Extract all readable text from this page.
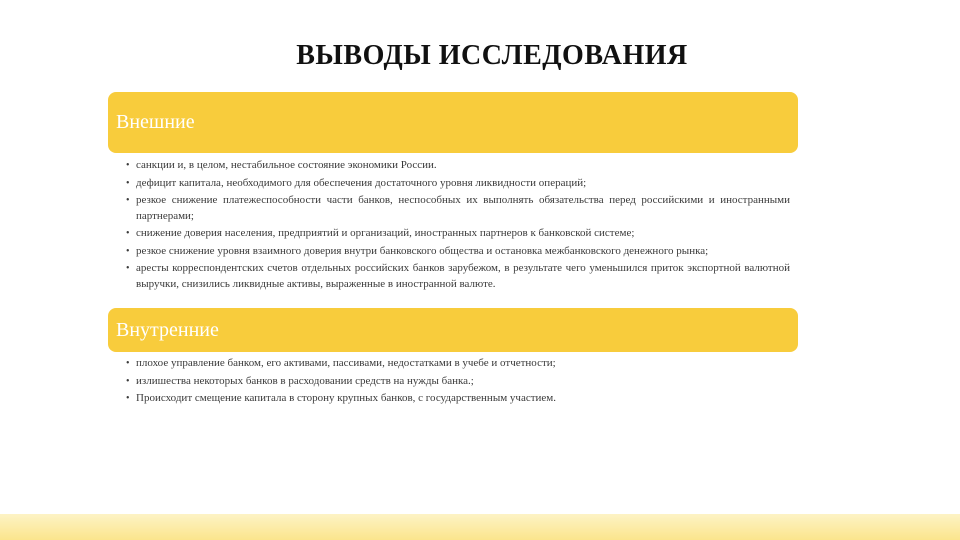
ВЫВОДЫ ИССЛЕДОВАНИЯ
Внешние
• санкции и, в целом, нестабильное состояние экономики России.
• дефицит капитала, необходимого для обеспечения достаточного уровня ликвидности операций;
• резкое снижение платежеспособности части банков, неспособных их выполнять обязательства перед российскими и иностранными партнерами;
• снижение доверия населения, предприятий и организаций, иностранных партнеров к банковской системе;
• резкое снижение уровня взаимного доверия внутри банковского общества и остановка межбанковского денежного рынка;
• аресты корреспондентских счетов отдельных российских банков зарубежом, в результате чего уменьшился приток экспортной валютной выручки, снизились ликвидные активы, выраженные в иностранной валюте.
Внутренние
• плохое управление банком, его активами, пассивами, недостатками в учебе и отчетности;
• излишества некоторых банков в расходовании средств на нужды банка.;
• Происходит смещение капитала в сторону крупных банков, с государственным участием.
